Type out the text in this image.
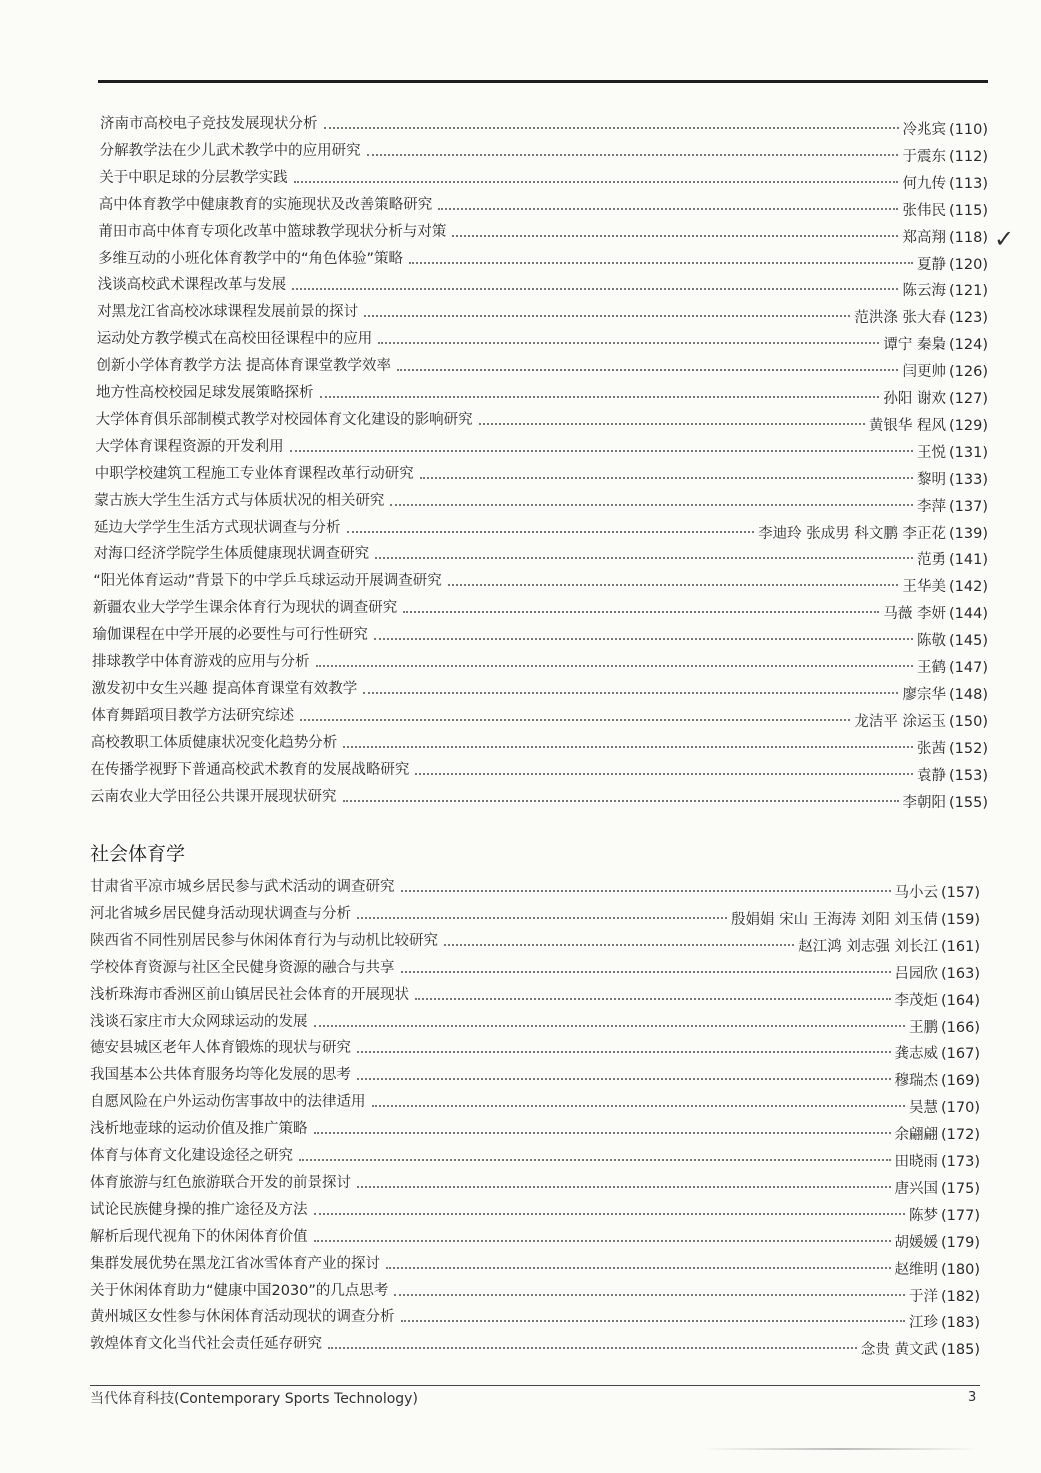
济南市高校电子竞技发展现状分析	冷兆宾 (110)
分解教学法在少儿武术教学中的应用研究	于震东 (112)
关于中职足球的分层教学实践	何九传 (113)
高中体育教学中健康教育的实施现状及改善策略研究	张伟民 (115)
莆田市高中体育专项化改革中篮球教学现状分析与对策	郑高翔 (118)
多维互动的小班化体育教学中的“角色体验”策略	夏静 (120)
浅谈高校武术课程改革与发展	陈云海 (121)
对黑龙江省高校冰球课程发展前景的探讨	范洪涤 张大春 (123)
运动处方教学模式在高校田径课程中的应用	谭宁 秦梟 (124)
创新小学体育教学方法 提高体育课堂教学效率	闫更帅 (126)
地方性高校校园足球发展策略探析	孙阳 谢欢 (127)
大学体育俱乐部制模式教学对校园体育文化建设的影响研究	黄银华 程风 (129)
大学体育课程资源的开发利用	王悦 (131)
中职学校建筑工程施工专业体育课程改革行动研究	黎明 (133)
蒙古族大学生生活方式与体质状况的相关研究	李萍 (137)
延边大学学生生活方式现状调查与分析	李迪玲 张成男 科文鹏 李正花 (139)
对海口经济学院学生体质健康现状调查研究	范勇 (141)
“阳光体育运动”背景下的中学乒乓球运动开展调查研究	王华美 (142)
新疆农业大学学生课余体育行为现状的调查研究	马薇 李妍 (144)
瑜伽课程在中学开展的必要性与可行性研究	陈敬 (145)
排球教学中体育游戏的应用与分析	王鹤 (147)
激发初中女生兴趣 提高体育课堂有效教学	廖宗华 (148)
体育舞蹈项目教学方法研究综述	龙洁平 涂运玉 (150)
高校教职工体质健康状况变化趋势分析	张茜 (152)
在传播学视野下普通高校武术教育的发展战略研究	袁静 (153)
云南农业大学田径公共课开展现状研究	李朝阳 (155)
✓
社会体育学
甘肃省平凉市城乡居民参与武术活动的调查研究	马小云 (157)
河北省城乡居民健身活动现状调查与分析	殷娟娟 宋山 王海涛 刘阳 刘玉倩 (159)
陕西省不同性别居民参与休闲体育行为与动机比较研究	赵江鸿 刘志强 刘长江 (161)
学校体育资源与社区全民健身资源的融合与共享	吕园欣 (163)
浅析珠海市香洲区前山镇居民社会体育的开展现状	李茂炬 (164)
浅谈石家庄市大众网球运动的发展	王鹏 (166)
德安县城区老年人体育锻炼的现状与研究	龚志威 (167)
我国基本公共体育服务均等化发展的思考	穆瑞杰 (169)
自愿风险在户外运动伤害事故中的法律适用	吴慧 (170)
浅析地壶球的运动价值及推广策略	余翩翩 (172)
体育与体育文化建设途径之研究	田晓雨 (173)
体育旅游与红色旅游联合开发的前景探讨	唐兴国 (175)
试论民族健身操的推广途径及方法	陈梦 (177)
解析后现代视角下的休闲体育价值	胡媛媛 (179)
集群发展优势在黑龙江省冰雪体育产业的探讨	赵维明 (180)
关于休闲体育助力“健康中国2030”的几点思考	于洋 (182)
黄州城区女性参与休闲体育活动现状的调查分析	江珍 (183)
敦煌体育文化当代社会责任延存研究	念贵 黄文武 (185)
当代体育科技(Contemporary Sports Technology)	3
